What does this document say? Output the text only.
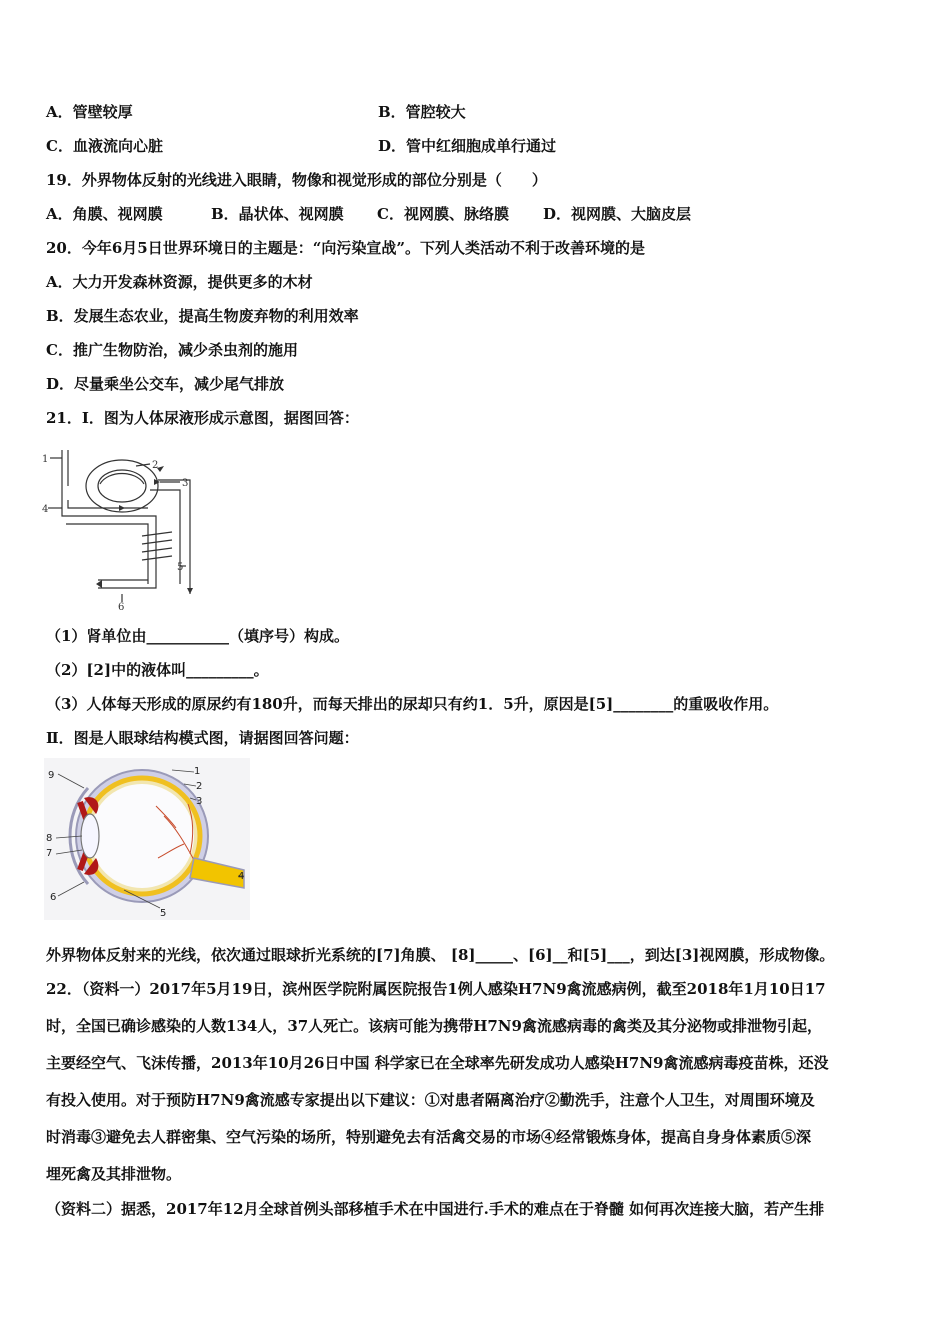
A．管壁较厚	B．管腔较大
C．血液流向心脏	D．管中红细胞成单行通过
19．外界物体反射的光线进入眼睛，物像和视觉形成的部位分别是（　　）
A．角膜、视网膜	B．晶状体、视网膜 C．视网膜、脉络膜 D．视网膜、大脑皮层
20．今年6月5日世界环境日的主题是：“向污染宣战”。下列人类活动不利于改善环境的是
A．大力开发森林资源，提供更多的木材
B．发展生态农业，提高生物废弃物的利用效率
C．推广生物防治，减少杀虫剂的施用
D．尽量乘坐公交车，减少尾气排放
21．Ⅰ．图为人体尿液形成示意图，据图回答：
1
2
3
4
5
6
（1）肾单位由___________（填序号）构成。
（2）[2]中的液体叫_________。
（3）人体每天形成的原尿约有180升，而每天排出的尿却只有约1．5升，原因是[5]________的重吸收作用。
Ⅱ．图是人眼球结构模式图，请据图回答问题：
1
2
3
4
5
6
7
8
9
外界物体反射来的光线，依次通过眼球折光系统的[7]角膜、 [8]_____、[6]__和[5]___，到达[3]视网膜，形成物像。
22．（资料一）2017年5月19日，滨州医学院附属医院报告1例人感染H7N9禽流感病例，截至2018年1月10日17
时，全国已确诊感染的人数134人，37人死亡。该病可能为携带H7N9禽流感病毒的禽类及其分泌物或排泄物引起，
主要经空气、飞沫传播，2013年10月26日中国 科学家已在全球率先研发成功人感染H7N9禽流感病毒疫苗株，还没
有投入使用。对于预防H7N9禽流感专家提出以下建议：①对患者隔离治疗②勤洗手，注意个人卫生，对周围环境及
时消毒③避免去人群密集、空气污染的场所，特别避免去有活禽交易的市场④经常锻炼身体，提高自身身体素质⑤深
埋死禽及其排泄物。
（资料二）据悉，2017年12月全球首例头部移植手术在中国进行.手术的难点在于脊髓 如何再次连接大脑，若产生排
